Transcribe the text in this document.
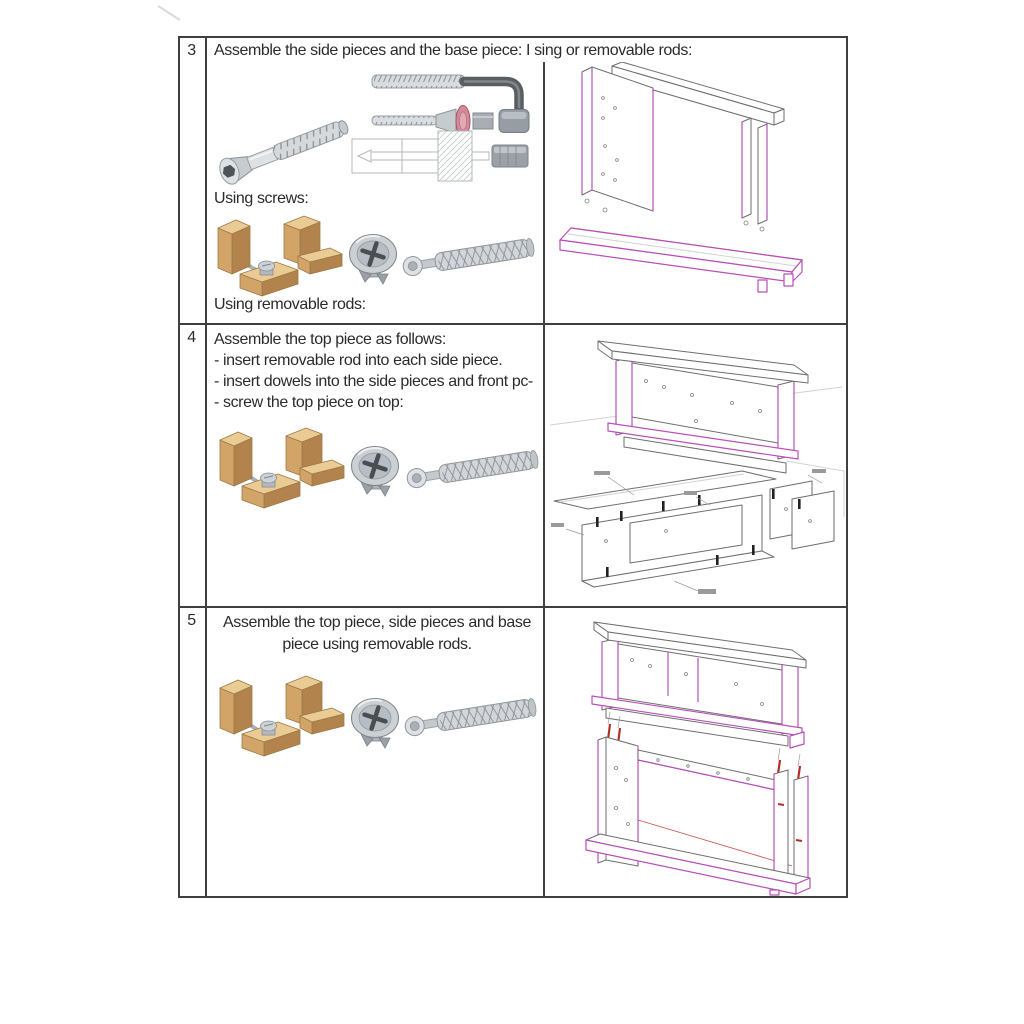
3
4
5
Assemble the side pieces and the base piece: I sing or removable rods:
Using screws:
Using removable rods:
Assemble the top piece as follows:
- insert removable rod into each side piece.
- insert dowels into the side pieces and front pc-
- screw the top piece on top:
Assemble the top piece, side pieces and base piece using removable rods.
